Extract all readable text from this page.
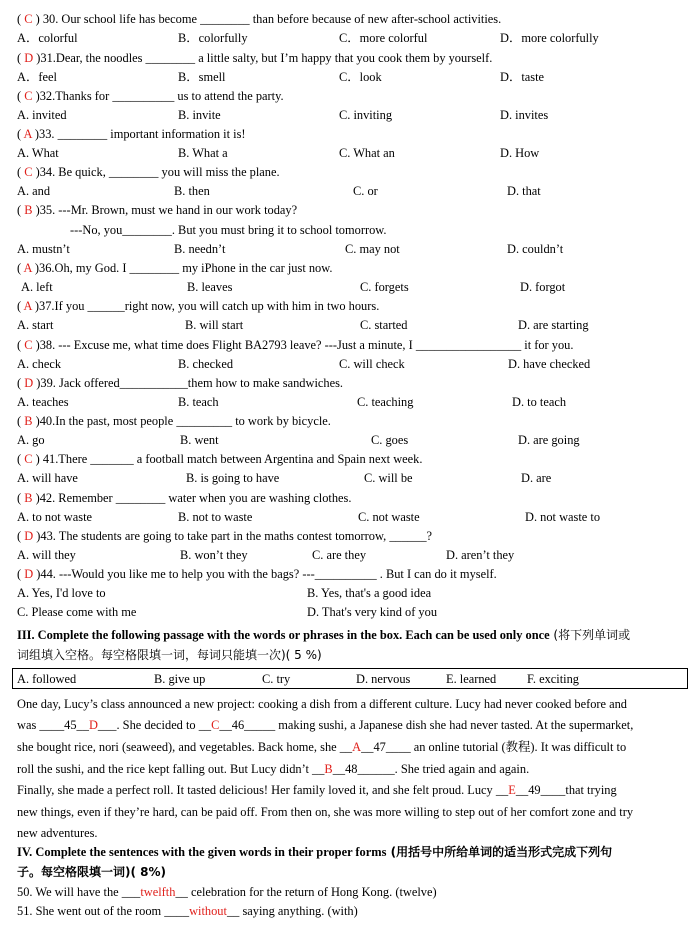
( C ) 30. Our school life has become ________ than before because of new after-school activities.
A．colorful	B．colorfully	C．more colorful	D．more colorfully
( D )31.Dear, the noodles ________ a little salty, but I’m happy that you cook them by yourself.
A．feel	B．smell	C．look	D．taste
( C )32.Thanks for __________ us to attend the party.
A. invited	B. invite	C. inviting	D. invites
( A )33. ________ important information it is!
A. What	B. What a	C. What an	D. How
( C )34. Be quick, ________ you will miss the plane.
A. and	B. then	C. or	D. that
( B )35. ---Mr. Brown, must we hand in our work today?
---No, you________. But you must bring it to school tomorrow.
A. mustn’t	B. needn’t	C. may not	D. couldn’t
( A )36.Oh, my God. I ________ my iPhone in the car just now.
A. left	B. leaves	C. forgets	D. forgot
( A )37.If you ______right now, you will catch up with him in two hours.
A. start	B. will start	C. started	D. are starting
( C )38. --- Excuse me, what time does Flight BA2793 leave? ---Just a minute, I _________________ it for you.
A. check	B. checked	C. will check	D. have checked
( D )39. Jack offered___________them how to make sandwiches.
A. teaches	B. teach	C. teaching	D. to teach
( B )40.In the past, most people _________ to work by bicycle.
A. go	B. went	C. goes	D. are going
( C ) 41.There _______ a football match between Argentina and Spain next week.
A. will have	B. is going to have	C. will be	D. are
( B )42. Remember ________ water when you are washing clothes.
A. to not waste	B. not to waste	C. not waste	D. not waste to
( D )43. The students are going to take part in the maths contest tomorrow, ______?
A. will they	B. won’t they	C. are they	D. aren’t they
( D )44. ---Would you like me to help you with the bags? ---__________ . But I can do it myself.
A. Yes, I'd love to	B. Yes, that's a good idea
C. Please come with me	D. That's very kind of you
III. Complete the following passage with the words or phrases in the box. Each can be used only once (将下列单词或
词组填入空格。每空格限填一词，每词只能填一次)( 5 %)
A. followed	B. give up	C. try	D. nervous	E. learned F. exciting
One day, Lucy’s class announced a new project: cooking a dish from a different culture. Lucy had never cooked before and
was ____45__D___. She decided to __C__46_____ making sushi, a Japanese dish she had never tasted. At the supermarket,
she bought rice, nori (seaweed), and vegetables. Back home, she __A__47____ an online tutorial (教程). It was difficult to
roll the sushi, and the rice kept falling out. But Lucy didn’t __B__48______. She tried again and again.
Finally, she made a perfect roll. It tasted delicious! Her family loved it, and she felt proud. Lucy __E__49____that trying
new things, even if they’re hard, can be paid off. From then on, she was more willing to step out of her comfort zone and try
new adventures.
IV. Complete the sentences with the given words in their proper forms (用括号中所给单词的适当形式完成下列句
子。每空格限填一词)( 8%)
50. We will have the ___twelfth__ celebration for the return of Hong Kong. (twelve)
51. She went out of the room ____without__ saying anything. (with)
